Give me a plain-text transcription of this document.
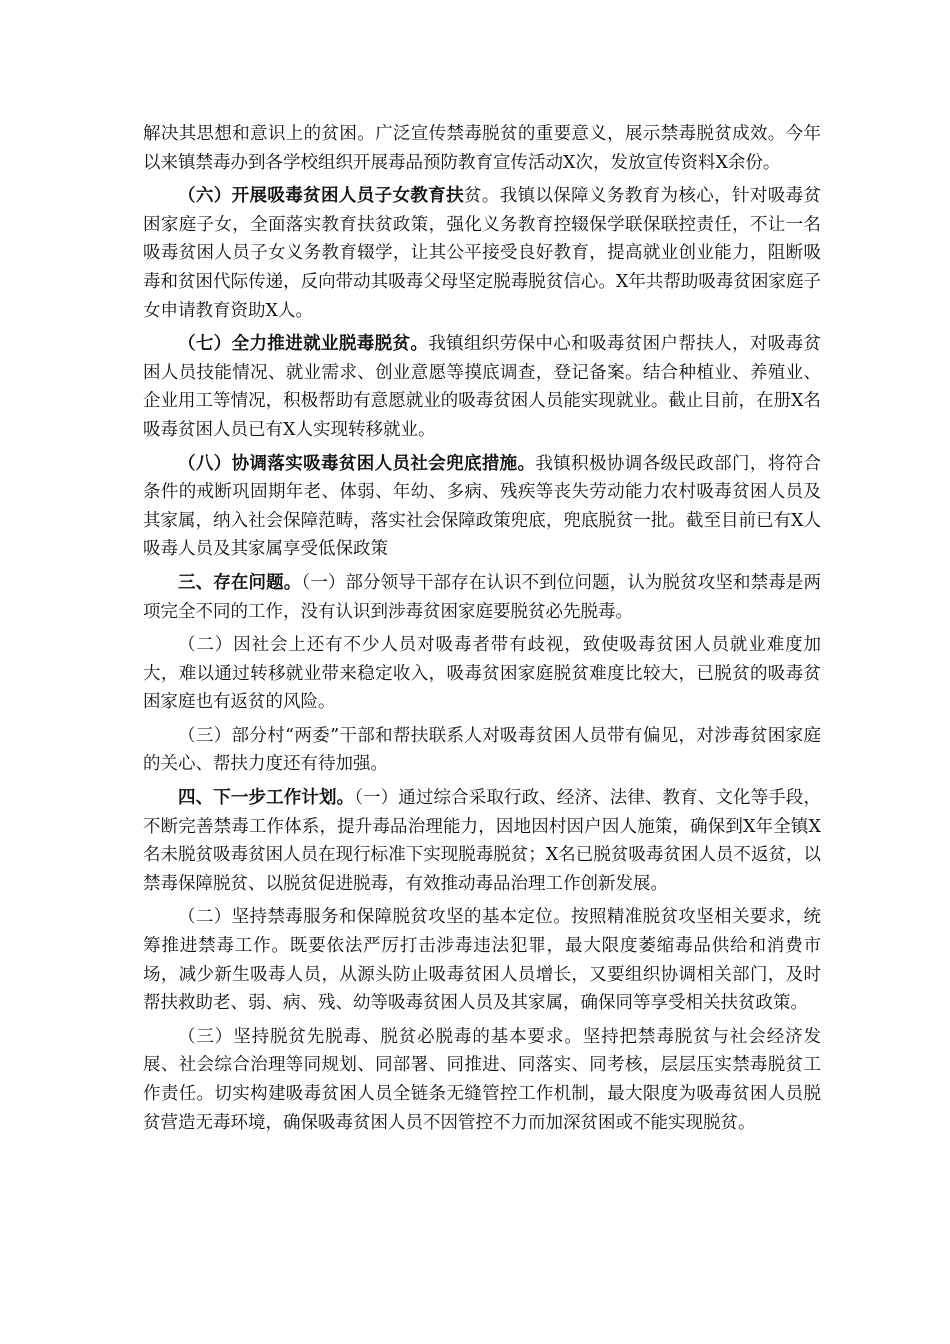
解决其思想和意识上的贫困。广泛宣传禁毒脱贫的重要意义，展示禁毒脱贫成效。今年以来镇禁毒办到各学校组织开展毒品预防教育宣传活动X次，发放宣传资料X余份。

（六）开展吸毒贫困人员子女教育扶贫。我镇以保障义务教育为核心，针对吸毒贫困家庭子女，全面落实教育扶贫政策，强化义务教育控辍保学联保联控责任，不让一名吸毒贫困人员子女义务教育辍学，让其公平接受良好教育，提高就业创业能力，阻断吸毒和贫困代际传递，反向带动其吸毒父母坚定脱毒脱贫信心。X年共帮助吸毒贫困家庭子女申请教育资助X人。

（七）全力推进就业脱毒脱贫。我镇组织劳保中心和吸毒贫困户帮扶人，对吸毒贫困人员技能情况、就业需求、创业意愿等摸底调查，登记备案。结合种植业、养殖业、企业用工等情况，积极帮助有意愿就业的吸毒贫困人员能实现就业。截止目前，在册X名吸毒贫困人员已有X人实现转移就业。

（八）协调落实吸毒贫困人员社会兜底措施。我镇积极协调各级民政部门，将符合条件的戒断巩固期年老、体弱、年幼、多病、残疾等丧失劳动能力农村吸毒贫困人员及其家属，纳入社会保障范畴，落实社会保障政策兜底，兜底脱贫一批。截至目前已有X人吸毒人员及其家属享受低保政策

三、存在问题。（一）部分领导干部存在认识不到位问题，认为脱贫攻坚和禁毒是两项完全不同的工作，没有认识到涉毒贫困家庭要脱贫必先脱毒。

（二）因社会上还有不少人员对吸毒者带有歧视，致使吸毒贫困人员就业难度加大，难以通过转移就业带来稳定收入，吸毒贫困家庭脱贫难度比较大，已脱贫的吸毒贫困家庭也有返贫的风险。

（三）部分村“两委”干部和帮扶联系人对吸毒贫困人员带有偏见，对涉毒贫困家庭的关心、帮扶力度还有待加强。

四、下一步工作计划。（一）通过综合采取行政、经济、法律、教育、文化等手段，不断完善禁毒工作体系，提升毒品治理能力，因地因村因户因人施策，确保到X年全镇X名未脱贫吸毒贫困人员在现行标准下实现脱毒脱贫；X名已脱贫吸毒贫困人员不返贫，以禁毒保障脱贫、以脱贫促进脱毒，有效推动毒品治理工作创新发展。

（二）坚持禁毒服务和保障脱贫攻坚的基本定位。按照精准脱贫攻坚相关要求，统筹推进禁毒工作。既要依法严厉打击涉毒违法犯罪，最大限度萎缩毒品供给和消费市场，减少新生吸毒人员，从源头防止吸毒贫困人员增长，又要组织协调相关部门，及时帮扶救助老、弱、病、残、幼等吸毒贫困人员及其家属，确保同等享受相关扶贫政策。

（三）坚持脱贫先脱毒、脱贫必脱毒的基本要求。坚持把禁毒脱贫与社会经济发展、社会综合治理等同规划、同部署、同推进、同落实、同考核，层层压实禁毒脱贫工作责任。切实构建吸毒贫困人员全链条无缝管控工作机制，最大限度为吸毒贫困人员脱贫营造无毒环境，确保吸毒贫困人员不因管控不力而加深贫困或不能实现脱贫。
